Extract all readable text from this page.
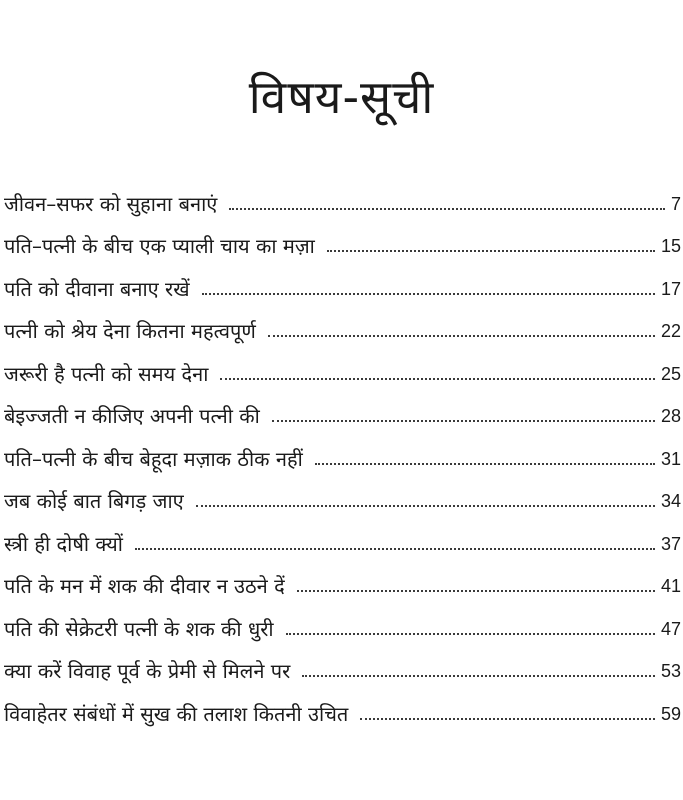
विषय-सूची
जीवन–सफर को सुहाना बनाएं	7
पति–पत्नी के बीच एक प्याली चाय का मज़ा	15
पति को दीवाना बनाए रखें	17
पत्नी को श्रेय देना कितना महत्वपूर्ण	22
जरूरी है पत्नी को समय देना	25
बेइज्जती न कीजिए अपनी पत्नी की	28
पति–पत्नी के बीच बेहूदा मज़ाक ठीक नहीं	31
जब कोई बात बिगड़ जाए	34
स्त्री ही दोषी क्यों	37
पति के मन में शक की दीवार न उठने दें	41
पति की सेक्रेटरी पत्नी के शक की धुरी	47
क्या करें विवाह पूर्व के प्रेमी से मिलने पर	53
विवाहेतर संबंधों में सुख की तलाश कितनी उचित	59
